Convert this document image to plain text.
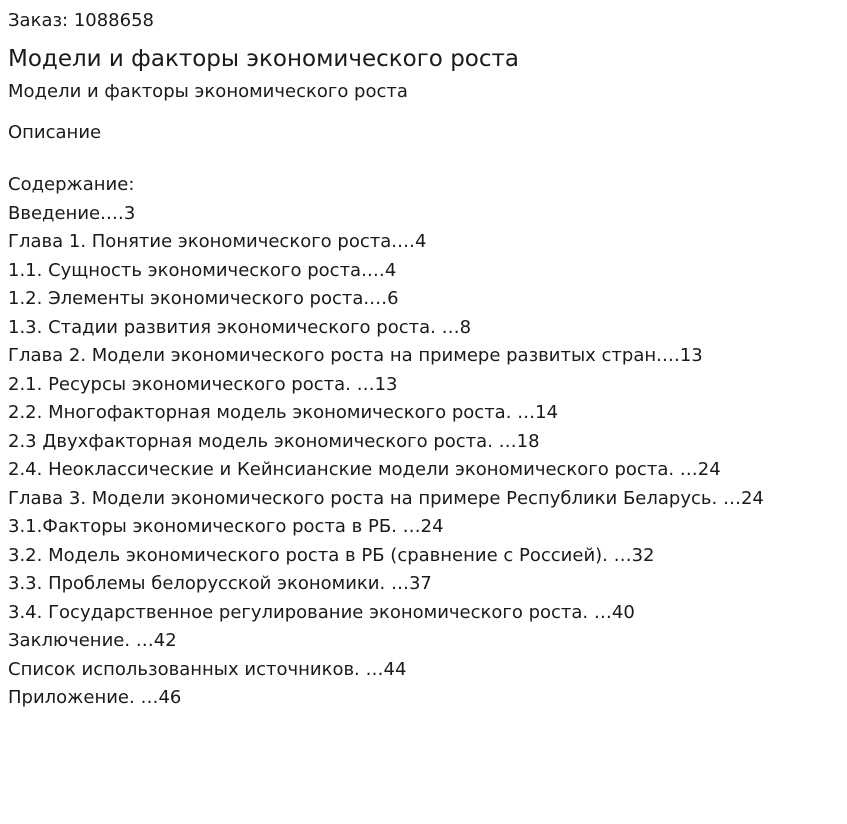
Заказ: 1088658
Модели и факторы экономического роста
Модели и факторы экономического роста
Описание
Содержание:
Введение.…3
Глава 1. Понятие экономического роста.…4
1.1. Сущность экономического роста.…4
1.2. Элементы экономического роста.…6
1.3. Стадии развития экономического роста. …8
Глава 2. Модели экономического роста на примере развитых стран.…13
2.1. Ресурсы экономического роста. …13
2.2. Многофакторная модель экономического роста. …14
2.3 Двухфакторная модель экономического роста. …18
2.4. Неоклассические и Кейнсианские модели экономического роста. …24
Глава 3. Модели экономического роста на примере Республики Беларусь. …24
3.1.Факторы экономического роста в РБ. …24
3.2. Модель экономического роста в РБ (сравнение с Россией). …32
3.3. Проблемы белорусской экономики. …37
3.4. Государственное регулирование экономического роста. …40
Заключение. …42
Список использованных источников. …44
Приложение. …46
